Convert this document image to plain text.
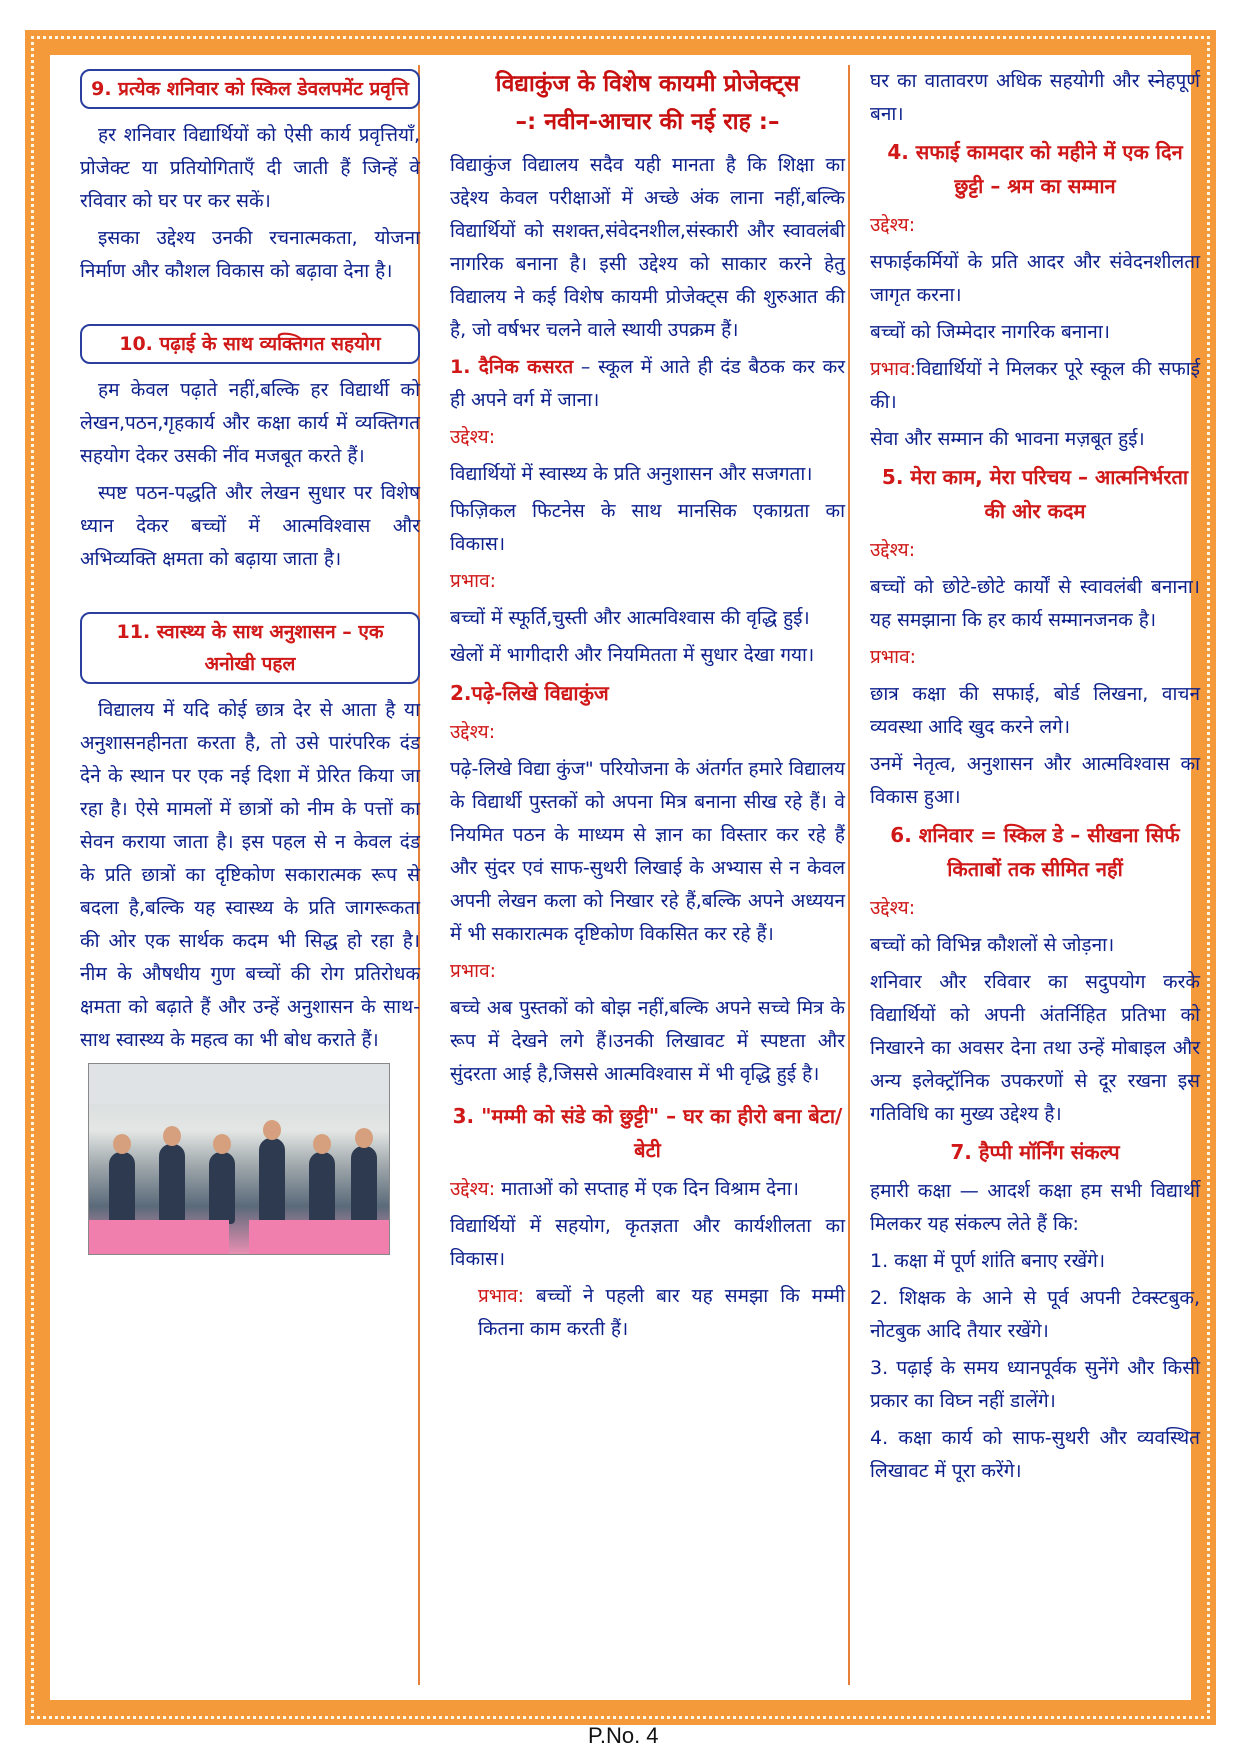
9. प्रत्येक शनिवार को स्किल डेवलपमेंट प्रवृत्ति

हर शनिवार विद्यार्थियों को ऐसी कार्य प्रवृत्तियाँ, प्रोजेक्ट या प्रतियोगिताएँ दी जाती हैं जिन्हें वे रविवार को घर पर कर सकें।

इसका उद्देश्य उनकी रचनात्मकता, योजना निर्माण और कौशल विकास को बढ़ावा देना है।

10. पढ़ाई के साथ व्यक्तिगत सहयोग

हम केवल पढ़ाते नहीं,बल्कि हर विद्यार्थी को लेखन,पठन,गृहकार्य और कक्षा कार्य में व्यक्तिगत सहयोग देकर उसकी नींव मजबूत करते हैं।

स्पष्ट पठन-पद्धति और लेखन सुधार पर विशेष ध्यान देकर बच्चों में आत्मविश्वास और अभिव्यक्ति क्षमता को बढ़ाया जाता है।

11. स्वास्थ्य के साथ अनुशासन – एक अनोखी पहल

विद्यालय में यदि कोई छात्र देर से आता है या अनुशासनहीनता करता है, तो उसे पारंपरिक दंड देने के स्थान पर एक नई दिशा में प्रेरित किया जा रहा है। ऐसे मामलों में छात्रों को नीम के पत्तों का सेवन कराया जाता है। इस पहल से न केवल दंड के प्रति छात्रों का दृष्टिकोण सकारात्मक रूप से बदला है,बल्कि यह स्वास्थ्य के प्रति जागरूकता की ओर एक सार्थक कदम भी सिद्ध हो रहा है। नीम के औषधीय गुण बच्चों की रोग प्रतिरोधक क्षमता को बढ़ाते हैं और उन्हें अनुशासन के साथ-साथ स्वास्थ्य के महत्व का भी बोध कराते हैं।

विद्याकुंज के विशेष कायमी प्रोजेक्ट्स
–: नवीन-आचार की नई राह :–

विद्याकुंज विद्यालय सदैव यही मानता है कि शिक्षा का उद्देश्य केवल परीक्षाओं में अच्छे अंक लाना नहीं,बल्कि विद्यार्थियों को सशक्त,संवेदनशील,संस्कारी और स्वावलंबी नागरिक बनाना है। इसी उद्देश्य को साकार करने हेतु विद्यालय ने कई विशेष कायमी प्रोजेक्ट्स की शुरुआत की है, जो वर्षभर चलने वाले स्थायी उपक्रम हैं।

1. दैनिक कसरत – स्कूल में आते ही दंड बैठक कर कर ही अपने वर्ग में जाना।

उद्देश्य:

विद्यार्थियों में स्वास्थ्य के प्रति अनुशासन और सजगता।

फिज़िकल फिटनेस के साथ मानसिक एकाग्रता का विकास।

प्रभाव:

बच्चों में स्फूर्ति,चुस्ती और आत्मविश्वास की वृद्धि हुई।

खेलों में भागीदारी और नियमितता में सुधार देखा गया।

2.पढ़े-लिखे विद्याकुंज

उद्देश्य:

पढ़े-लिखे विद्या कुंज" परियोजना के अंतर्गत हमारे विद्यालय के विद्यार्थी पुस्तकों को अपना मित्र बनाना सीख रहे हैं। वे नियमित पठन के माध्यम से ज्ञान का विस्तार कर रहे हैं और सुंदर एवं साफ-सुथरी लिखाई के अभ्यास से न केवल अपनी लेखन कला को निखार रहे हैं,बल्कि अपने अध्ययन में भी सकारात्मक दृष्टिकोण विकसित कर रहे हैं।

प्रभाव:

बच्चे अब पुस्तकों को बोझ नहीं,बल्कि अपने सच्चे मित्र के रूप में देखने लगे हैं।उनकी लिखावट में स्पष्टता और सुंदरता आई है,जिससे आत्मविश्वास में भी वृद्धि हुई है।

3. "मम्मी को संडे को छुट्टी" – घर का हीरो बना बेटा/बेटी

उद्देश्य: माताओं को सप्ताह में एक दिन विश्राम देना।

विद्यार्थियों में सहयोग, कृतज्ञता और कार्यशीलता का विकास।

प्रभाव: बच्चों ने पहली बार यह समझा कि मम्मी कितना काम करती हैं।

घर का वातावरण अधिक सहयोगी और स्नेहपूर्ण बना।

4. सफाई कामदार को महीने में एक दिन छुट्टी – श्रम का सम्मान

उद्देश्य:

सफाईकर्मियों के प्रति आदर और संवेदनशीलता जागृत करना।

बच्चों को जिम्मेदार नागरिक बनाना।

प्रभाव:विद्यार्थियों ने मिलकर पूरे स्कूल की सफाई की।

सेवा और सम्मान की भावना मज़बूत हुई।

5. मेरा काम, मेरा परिचय – आत्मनिर्भरता की ओर कदम

उद्देश्य:

बच्चों को छोटे-छोटे कार्यों से स्वावलंबी बनाना। यह समझाना कि हर कार्य सम्मानजनक है।

प्रभाव:

छात्र कक्षा की सफाई, बोर्ड लिखना, वाचन व्यवस्था आदि खुद करने लगे।

उनमें नेतृत्व, अनुशासन और आत्मविश्वास का विकास हुआ।

6. शनिवार = स्किल डे – सीखना सिर्फ किताबों तक सीमित नहीं

उद्देश्य:

बच्चों को विभिन्न कौशलों से जोड़ना।

शनिवार और रविवार का सदुपयोग करके विद्यार्थियों को अपनी अंतर्निहित प्रतिभा को निखारने का अवसर देना तथा उन्हें मोबाइल और अन्य इलेक्ट्रॉनिक उपकरणों से दूर रखना इस गतिविधि का मुख्य उद्देश्य है।

7. हैप्पी मॉर्निंग संकल्प

हमारी कक्षा — आदर्श कक्षा हम सभी विद्यार्थी मिलकर यह संकल्प लेते हैं कि:

1. कक्षा में पूर्ण शांति बनाए रखेंगे।

2. शिक्षक के आने से पूर्व अपनी टेक्स्टबुक, नोटबुक आदि तैयार रखेंगे।

3. पढ़ाई के समय ध्यानपूर्वक सुनेंगे और किसी प्रकार का विघ्न नहीं डालेंगे।

4. कक्षा कार्य को साफ-सुथरी और व्यवस्थित लिखावट में पूरा करेंगे।

P.No. 4
